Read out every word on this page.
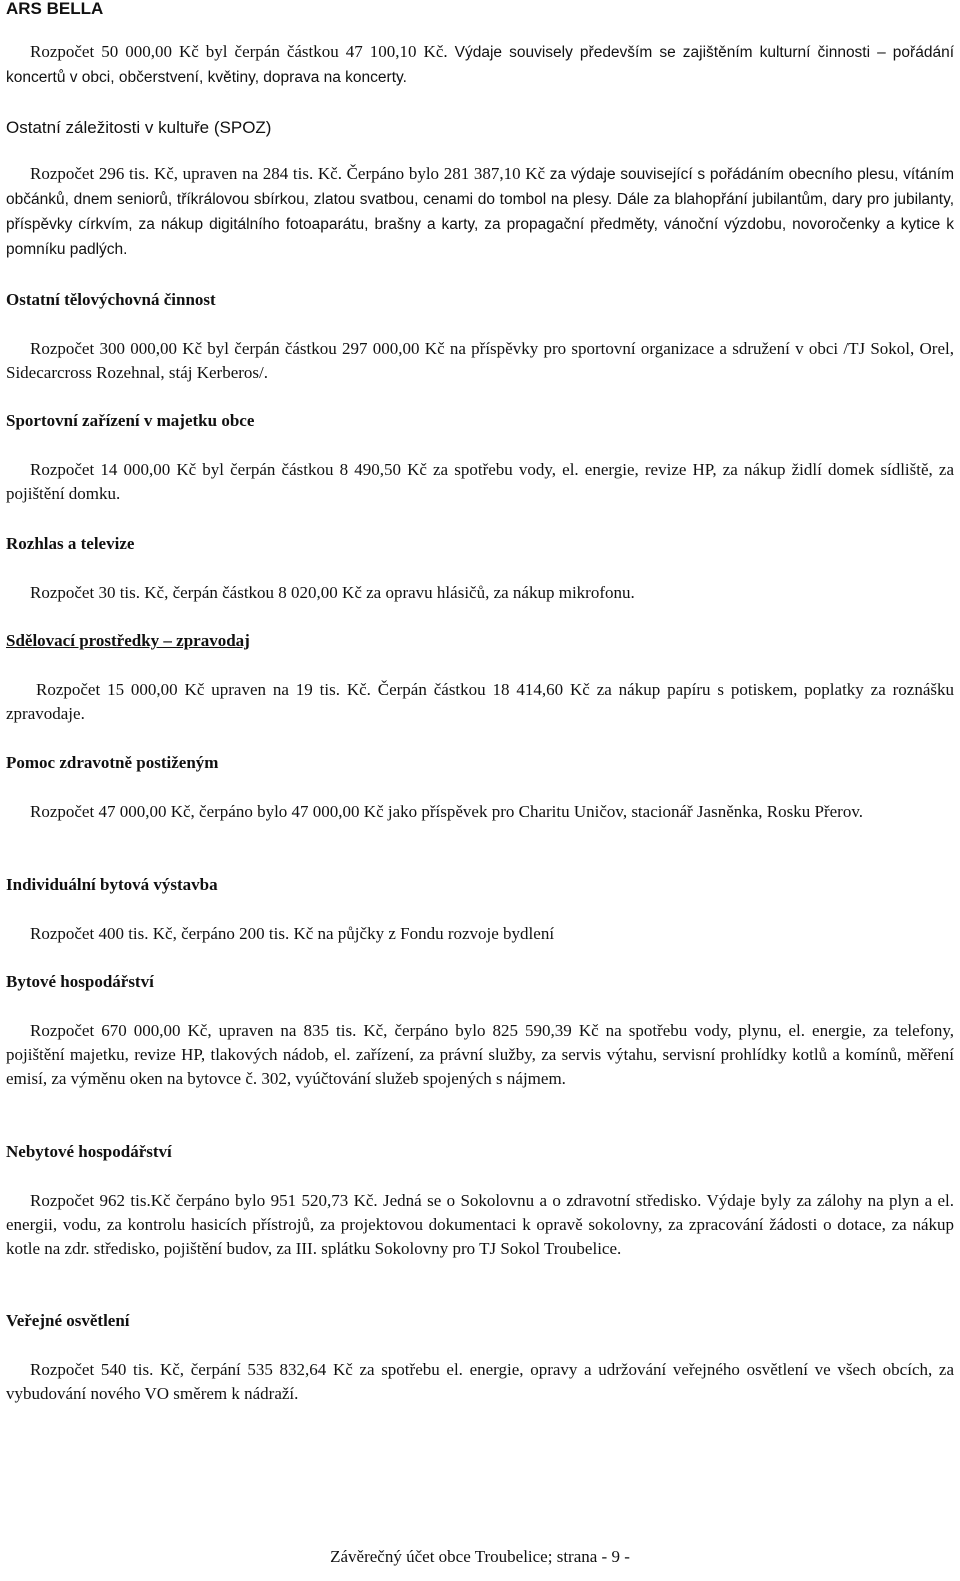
ARS BELLA

Rozpočet 50 000,00 Kč byl čerpán částkou 47 100,10 Kč. Výdaje souvisely především se zajištěním kulturní činnosti – pořádání koncertů v obci, občerstvení, květiny, doprava na koncerty.

Ostatní záležitosti v kultuře (SPOZ)

Rozpočet 296 tis. Kč, upraven na 284 tis. Kč. Čerpáno bylo 281 387,10 Kč za výdaje související s pořádáním obecního plesu, vítáním občánků, dnem seniorů, tříkrálovou sbírkou, zlatou svatbou, cenami do tombol na plesy. Dále za blahopřání jubilantům, dary pro jubilanty, příspěvky církvím, za nákup digitálního fotoaparátu, brašny a karty, za propagační předměty, vánoční výzdobu, novoročenky a kytice k pomníku padlých.

Ostatní tělovýchovná činnost

Rozpočet 300 000,00 Kč byl čerpán částkou 297 000,00 Kč na příspěvky pro sportovní organizace a sdružení v obci /TJ Sokol, Orel, Sidecarcross Rozehnal, stáj Kerberos/.

Sportovní zařízení v majetku obce

Rozpočet 14 000,00 Kč byl čerpán částkou 8 490,50 Kč za spotřebu vody, el. energie, revize HP, za nákup židlí domek sídliště, za pojištění domku.

Rozhlas a televize

Rozpočet 30 tis. Kč, čerpán částkou 8 020,00 Kč za opravu hlásičů, za nákup mikrofonu.

Sdělovací prostředky – zpravodaj

Rozpočet 15 000,00 Kč upraven na 19 tis. Kč. Čerpán částkou 18 414,60 Kč za nákup papíru s potiskem, poplatky za roznášku zpravodaje.

Pomoc zdravotně postiženým

Rozpočet 47 000,00 Kč, čerpáno bylo 47 000,00 Kč jako příspěvek pro Charitu Uničov, stacionář Jasněnka, Rosku Přerov.

Individuální bytová výstavba

Rozpočet 400 tis. Kč, čerpáno 200 tis. Kč na půjčky z Fondu rozvoje bydlení

Bytové hospodářství

Rozpočet 670 000,00 Kč, upraven na 835 tis. Kč, čerpáno bylo 825 590,39 Kč na spotřebu vody, plynu, el. energie, za telefony, pojištění majetku, revize HP, tlakových nádob, el. zařízení, za právní služby, za servis výtahu, servisní prohlídky kotlů a komínů, měření emisí, za výměnu oken na bytovce č. 302, vyúčtování služeb spojených s nájmem.

Nebytové hospodářství

Rozpočet 962 tis.Kč čerpáno bylo 951 520,73 Kč. Jedná se o Sokolovnu a o zdravotní středisko. Výdaje byly za zálohy na plyn a el. energii, vodu, za kontrolu hasicích přístrojů, za projektovou dokumentaci k opravě sokolovny, za zpracování žádosti o dotace, za nákup kotle na zdr. středisko, pojištění budov, za III. splátku Sokolovny pro TJ Sokol Troubelice.

Veřejné osvětlení

Rozpočet 540 tis. Kč, čerpání 535 832,64 Kč za spotřebu el. energie, opravy a udržování veřejného osvětlení ve všech obcích, za vybudování nového VO směrem k nádraží.

Závěrečný účet obce Troubelice; strana - 9 -
